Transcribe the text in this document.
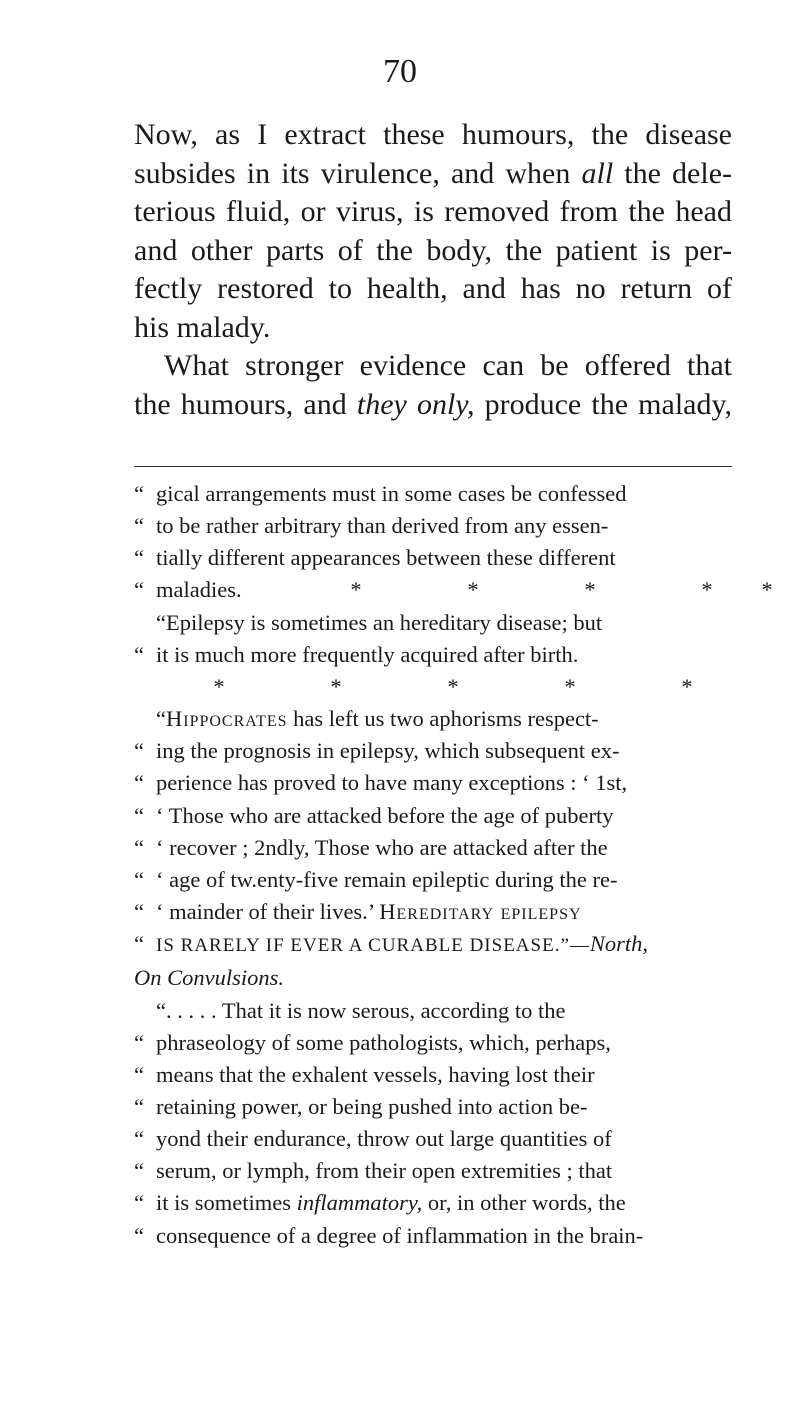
70
Now, as I extract these humours, the disease
subsides in its virulence, and when all the dele-
terious fluid, or virus, is removed from the head
and other parts of the body, the patient is per-
fectly restored to health, and has no return of
his malady.
What stronger evidence can be offered that
the humours, and they only, produce the malady,
“ gical arrangements must in some cases be confessed
“ to be rather arbitrary than derived from any essen-
“ tially different appearances between these different
“ maladies.	*	*	*	* *
“Epilepsy is sometimes an hereditary disease; but
“ it is much more frequently acquired after birth.
*	*	*	*	*
“Hippocrates has left us two aphorisms respect-
“ ing the prognosis in epilepsy, which subsequent ex-
“ perience has proved to have many exceptions : ‘ 1st,
“ ‘ Those who are attacked before the age of puberty
“ ‘ recover ; 2ndly, Those who are attacked after the
“ ‘ age of tw.enty-five remain epileptic during the re-
“ ‘ mainder of their lives.’ Hereditary epilepsy
“ IS RARELY IF EVER A CURABLE DISEASE.”—North,
On Convulsions.
“. . . . . That it is now serous, according to the
“ phraseology of some pathologists, which, perhaps,
“ means that the exhalent vessels, having lost their
“ retaining power, or being pushed into action be-
“ yond their endurance, throw out large quantities of
“ serum, or lymph, from their open extremities ; that
“ it is sometimes inflammatory, or, in other words, the
“ consequence of a degree of inflammation in the brain-
